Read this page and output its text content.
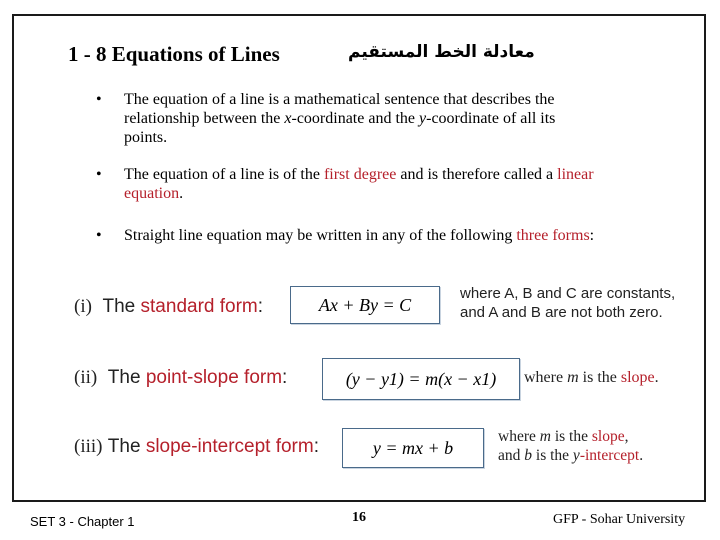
1 - 8 Equations of Lines	معادلة الخط المستقيم
• The equation of a line is a mathematical sentence that describes the
relationship between the x-coordinate and the y-coordinate of all its
points.
• The equation of a line is of the first degree and is therefore called a linear
equation.
• Straight line equation may be written in any of the following three forms:
(i) The standard form:	Ax + By = C
where A, B and C are constants,
and A and B are not both zero.
(ii) The point-slope form:	(y − y1) = m(x − x1)	where m is the slope.
(iii) The slope-intercept form:	y = mx + b
where m is the slope,
and b is the y-intercept.
SET 3 - Chapter 1	16	GFP - Sohar University
